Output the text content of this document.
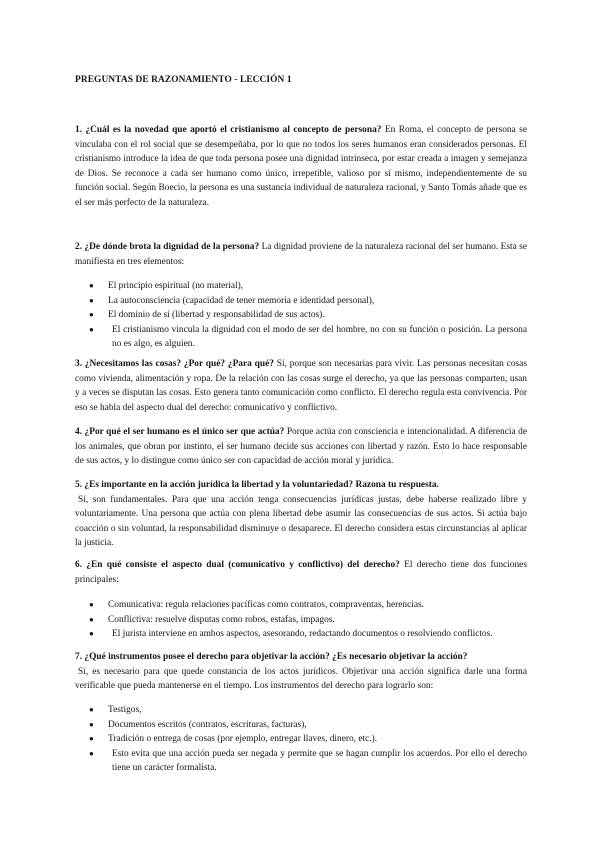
PREGUNTAS DE RAZONAMIENTO - LECCIÓN 1

1. ¿Cuál es la novedad que aportó el cristianismo al concepto de persona? En Roma, el concepto de persona se vinculaba con el rol social que se desempeñaba, por lo que no todos los seres humanos eran considerados personas. El cristianismo introduce la idea de que toda persona posee una dignidad intrínseca, por estar creada a imagen y semejanza de Dios. Se reconoce a cada ser humano como único, irrepetible, valioso por sí mismo, independientemente de su función social. Según Boecio, la persona es una sustancia individual de naturaleza racional, y Santo Tomás añade que es el ser más perfecto de la naturaleza.

2. ¿De dónde brota la dignidad de la persona? La dignidad proviene de la naturaleza racional del ser humano. Esta se manifiesta en tres elementos:

● El principio espiritual (no material),
● La autoconsciencia (capacidad de tener memoria e identidad personal),
● El dominio de sí (libertad y responsabilidad de sus actos).

● El cristianismo vincula la dignidad con el modo de ser del hombre, no con su función o posición. La persona no es algo, es alguien.

3. ¿Necesitamos las cosas? ¿Por qué? ¿Para qué? Sí, porque son necesarias para vivir. Las personas necesitan cosas como vivienda, alimentación y ropa. De la relación con las cosas surge el derecho, ya que las personas comparten, usan y a veces se disputan las cosas. Esto genera tanto comunicación como conflicto. El derecho regula esta convivencia. Por eso se habla del aspecto dual del derecho: comunicativo y conflictivo.

4. ¿Por qué el ser humano es el único ser que actúa? Porque actúa con consciencia e intencionalidad. A diferencia de los animales, que obran por instinto, el ser humano decide sus acciones con libertad y razón. Esto lo hace responsable de sus actos, y lo distingue como único ser con capacidad de acción moral y jurídica.

5. ¿Es importante en la acción jurídica la libertad y la voluntariedad? Razona tu respuesta.
Sí, son fundamentales. Para que una acción tenga consecuencias jurídicas justas, debe haberse realizado libre y voluntariamente. Una persona que actúa con plena libertad debe asumir las consecuencias de sus actos. Si actúa bajo coacción o sin voluntad, la responsabilidad disminuye o desaparece. El derecho considera estas circunstancias al aplicar la justicia.

6. ¿En qué consiste el aspecto dual (comunicativo y conflictivo) del derecho? El derecho tiene dos funciones principales:

● Comunicativa: regula relaciones pacíficas como contratos, compraventas, herencias.
● Conflictiva: resuelve disputas como robos, estafas, impagos.

● El jurista interviene en ambos aspectos, asesorando, redactando documentos o resolviendo conflictos.

7. ¿Qué instrumentos posee el derecho para objetivar la acción? ¿Es necesario objetivar la acción?
Sí, es necesario para que quede constancia de los actos jurídicos. Objetivar una acción significa darle una forma verificable que pueda mantenerse en el tiempo. Los instrumentos del derecho para lograrlo son:

● Testigos,
● Documentos escritos (contratos, escrituras, facturas),
● Tradición o entrega de cosas (por ejemplo, entregar llaves, dinero, etc.).

● Esto evita que una acción pueda ser negada y permite que se hagan cumplir los acuerdos. Por ello el derecho tiene un carácter formalista.
